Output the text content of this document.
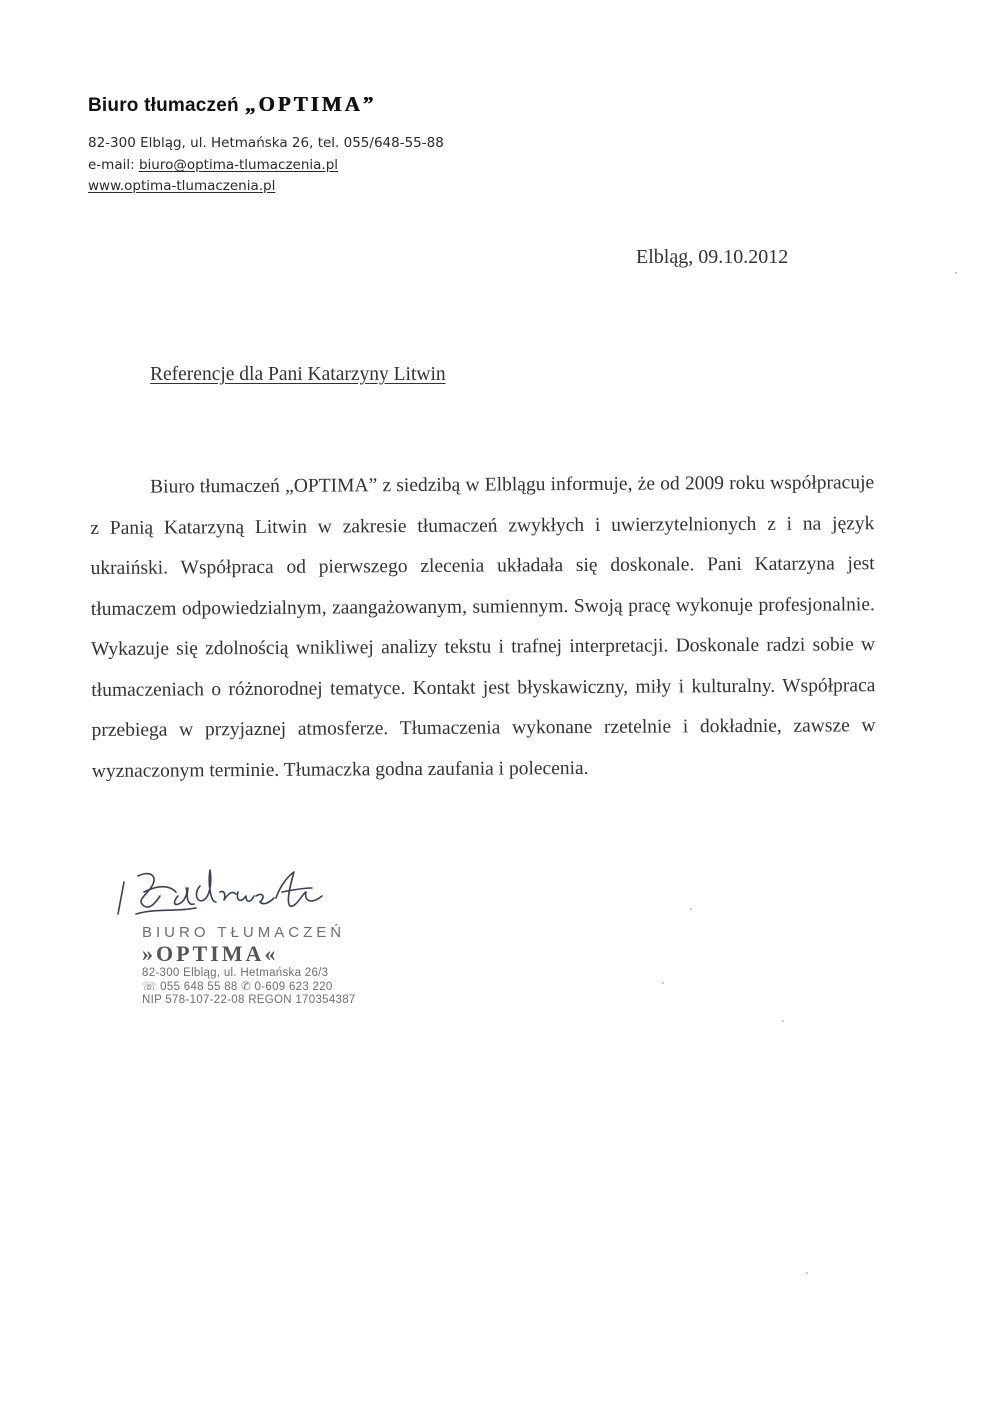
Biuro tłumaczeń „OPTIMA”
82-300 Elbląg, ul. Hetmańska 26, tel. 055/648-55-88
e-mail: biuro@optima-tlumaczenia.pl
www.optima-tlumaczenia.pl
Elbląg, 09.10.2012
Referencje dla Pani Katarzyny Litwin
Biuro tłumaczeń „OPTIMA” z siedzibą w Elblągu informuje, że od 2009 roku współpracuje z Panią Katarzyną Litwin w zakresie tłumaczeń zwykłych i uwierzytelnionych z i na język ukraiński. Współpraca od pierwszego zlecenia układała się doskonale. Pani Katarzyna jest tłumaczem odpowiedzialnym, zaangażowanym, sumiennym. Swoją pracę wykonuje profesjonalnie. Wykazuje się zdolnością wnikliwej analizy tekstu i trafnej interpretacji. Doskonale radzi sobie w tłumaczeniach o różnorodnej tematyce. Kontakt jest błyskawiczny, miły i kulturalny. Współpraca przebiega w przyjaznej atmosferze. Tłumaczenia wykonane rzetelnie i dokładnie, zawsze w wyznaczonym terminie. Tłumaczka godna zaufania i polecenia.
BIURO TŁUMACZEŃ
»OPTIMA«
82-300 Elbląg, ul. Hetmańska 26/3
☏ 055 648 55 88 ✆ 0-609 623 220
NIP 578-107-22-08 REGON 170354387
